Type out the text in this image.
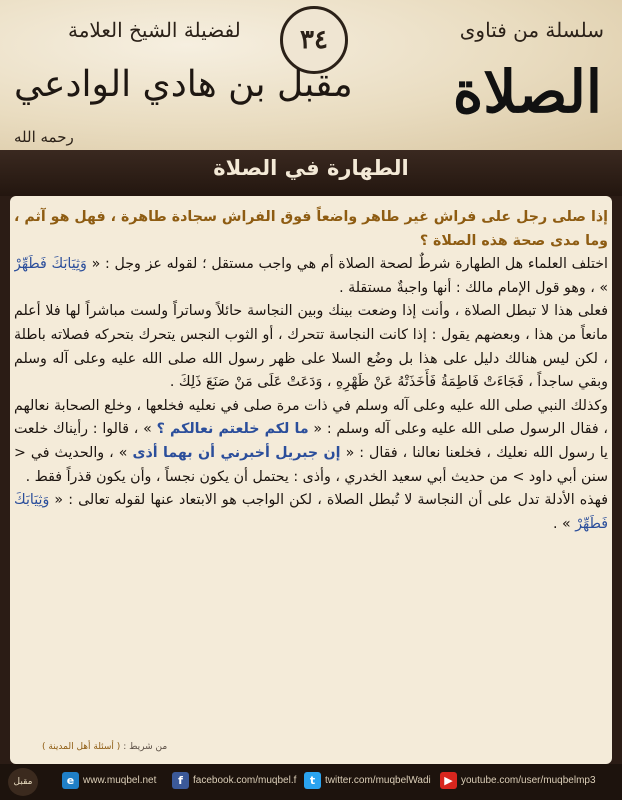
سلسلة من فتاوى
٣٤
لفضيلة الشيخ العلامة
الصلاة
مقبل بن هادي الوادعي
رحمه الله
الطهارة في الصلاة

إذا صلى رجل على فراش غير طاهر واضعاً فوق الفراش سجادة طاهرة ، فهل هو آثم ، وما مدى صحة هذه الصلاة ؟

اختلف العلماء هل الطهارة شرطٌ لصحة الصلاة أم هي واجب مستقل ؛ لقوله عز وجل : « وَثِيَابَكَ فَطَهِّرْ » ، وهو قول الإمام مالك : أنها واجبةٌ مستقلة .

فعلى هذا لا تبطل الصلاة ، وأنت إذا وضعت بينك وبين النجاسة حائلاً وساتراً ولست مباشراً لها فلا أعلم مانعاً من هذا ، وبعضهم يقول : إذا كانت النجاسة تتحرك ، أو الثوب النجس يتحرك بتحركه فصلاته باطلة ، لكن ليس هنالك دليل على هذا بل وضُع السلا على ظهر رسول الله صلى الله عليه وعلى آله وسلم وبقي ساجداً ، فَجَاءَتْ فَاطِمَةُ فَأَخَذَتْهُ عَنْ ظَهْرِهِ ، وَدَعَتْ عَلَى مَنْ صَنَعَ ذَلِكَ .

وكذلك النبي صلى الله عليه وعلى آله وسلم في ذات مرة صلى في نعليه فخلعها ، وخلع الصحابة نعالهم ، فقال الرسول صلى الله عليه وعلى آله وسلم : « ما لكم خلعتم نعالكم ؟ » ، قالوا : رأيناك خلعت يا رسول الله نعليك ، فخلعنا نعالنا ، فقال : « إن جبريل أخبرني أن بهما أذى » ، والحديث في < سنن أبي داود > من حديث أبي سعيد الخدري ، وأذى : يحتمل أن يكون نجساً ، وأن يكون قذراً فقط .

فهذه الأدلة تدل على أن النجاسة لا تُبطل الصلاة ، لكن الواجب هو الابتعاد عنها لقوله تعالى : « وَثِيَابَكَ فَطَهِّرْ » .

من شريط : ( أسئلة أهل المدينة )
مقبل	e www.muqbel.net	f	facebook.com/muqbel.f	t twitter.com/muqbelWadi	▶ youtube.com/user/muqbelmp3
